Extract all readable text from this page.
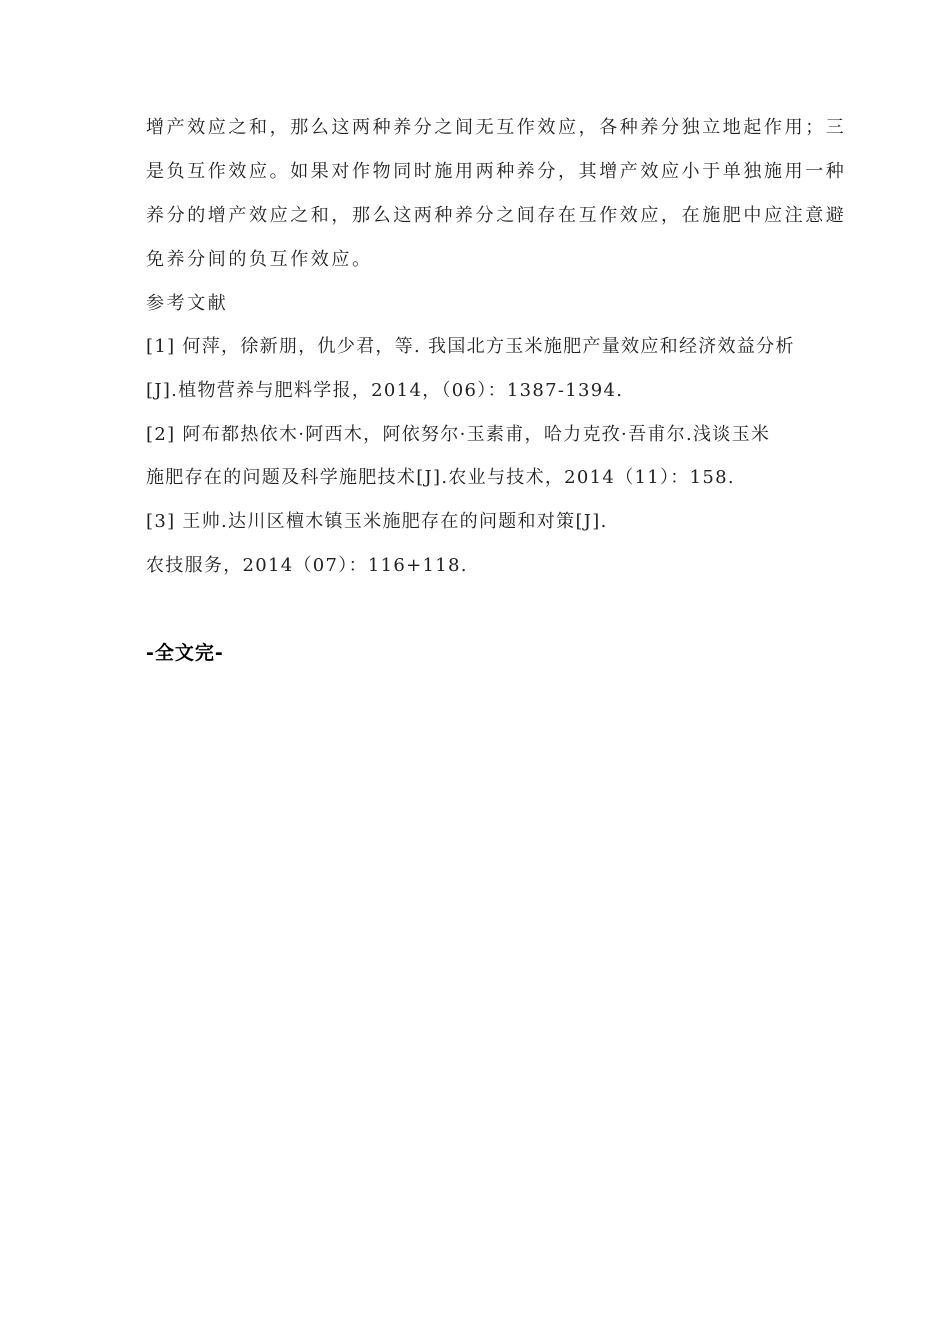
增产效应之和，那么这两种养分之间无互作效应，各种养分独立地起作用；三
是负互作效应。如果对作物同时施用两种养分，其增产效应小于单独施用一种
养分的增产效应之和，那么这两种养分之间存在互作效应，在施肥中应注意避
免养分间的负互作效应。
参考文献
[1] 何萍，徐新朋，仇少君，等. 我国北方玉米施肥产量效应和经济效益分析
[J].植物营养与肥料学报，2014，（06）：1387-1394.
[2] 阿布都热依木·阿西木，阿依努尔·玉素甫，哈力克孜·吾甫尔.浅谈玉米
施肥存在的问题及科学施肥技术[J].农业与技术，2014（11）：158.
[3] 王帅.达川区檀木镇玉米施肥存在的问题和对策[J].
农技服务，2014（07）：116+118.
-全文完-
